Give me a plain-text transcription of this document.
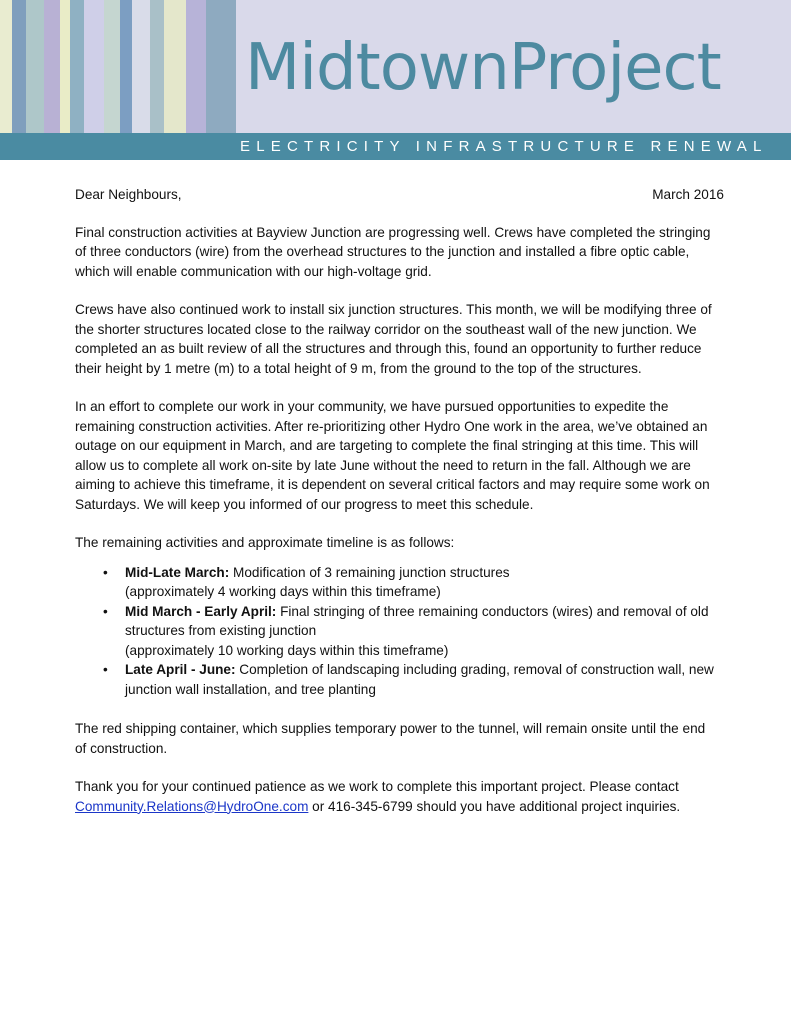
MidtownProject
ELECTRICITY INFRASTRUCTURE RENEWAL
Dear Neighbours,	March 2016

Final construction activities at Bayview Junction are progressing well. Crews have completed the stringing of three conductors (wire) from the overhead structures to the junction and installed a fibre optic cable, which will enable communication with our high-voltage grid.

Crews have also continued work to install six junction structures. This month, we will be modifying three of the shorter structures located close to the railway corridor on the southeast wall of the new junction. We completed an as built review of all the structures and through this, found an opportunity to further reduce their height by 1 metre (m) to a total height of 9 m, from the ground to the top of the structures.

In an effort to complete our work in your community, we have pursued opportunities to expedite the remaining construction activities. After re-prioritizing other Hydro One work in the area, we’ve obtained an outage on our equipment in March, and are targeting to complete the final stringing at this time. This will allow us to complete all work on-site by late June without the need to return in the fall. Although we are aiming to achieve this timeframe, it is dependent on several critical factors and may require some work on Saturdays. We will keep you informed of our progress to meet this schedule.

The remaining activities and approximate timeline is as follows:

• Mid-Late March: Modification of 3 remaining junction structures
(approximately 4 working days within this timeframe)
• Mid March - Early April: Final stringing of three remaining conductors (wires) and removal of old structures from existing junction
(approximately 10 working days within this timeframe)
• Late April - June: Completion of landscaping including grading, removal of construction wall, new junction wall installation, and tree planting

The red shipping container, which supplies temporary power to the tunnel, will remain onsite until the end of construction.

Thank you for your continued patience as we work to complete this important project. Please contact Community.Relations@HydroOne.com or 416-345-6799 should you have additional project inquiries.
